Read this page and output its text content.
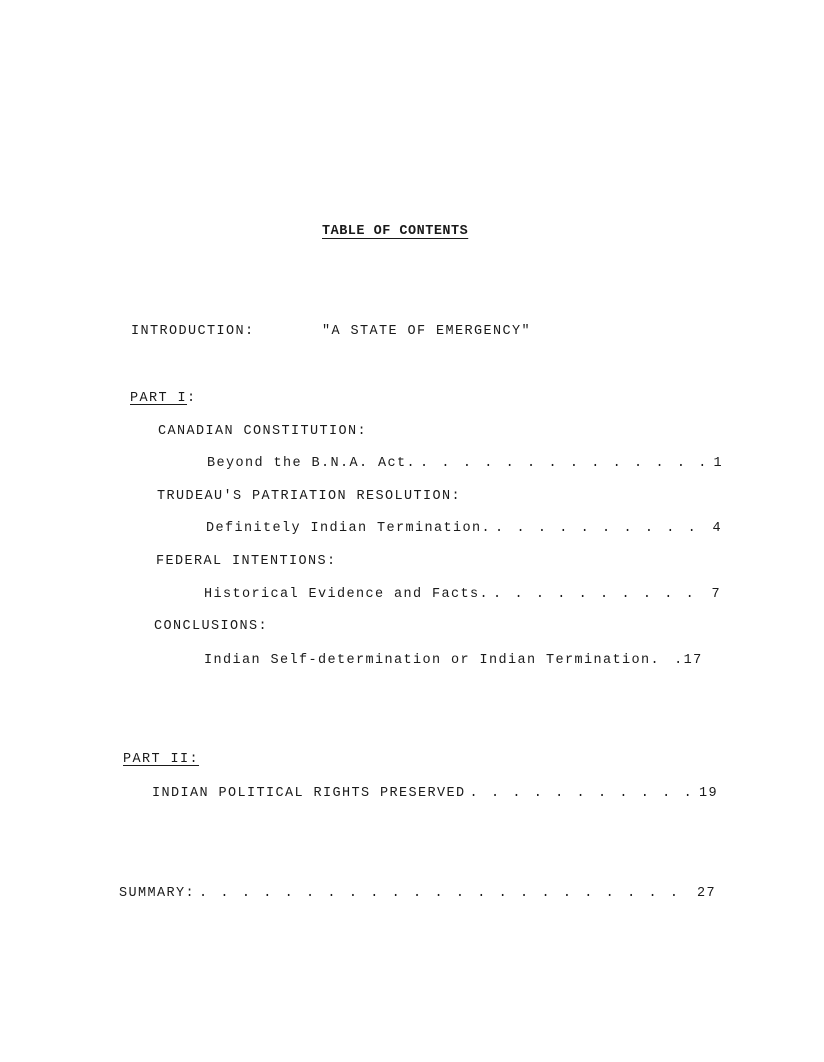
TABLE OF CONTENTS
INTRODUCTION:	"A STATE OF EMERGENCY"
PART I:
CANADIAN CONSTITUTION:
Beyond the B.N.A. Act. . . .	1
TRUDEAU'S PATRIATION RESOLUTION:
Definitely Indian Termination. . . .	4
FEDERAL INTENTIONS:
Historical Evidence and Facts. . . .	7
CONCLUSIONS:
Indian Self-determination or Indian Termination. .17
PART II:
INDIAN POLITICAL RIGHTS PRESERVED . . .	19
SUMMARY: . . .	27
